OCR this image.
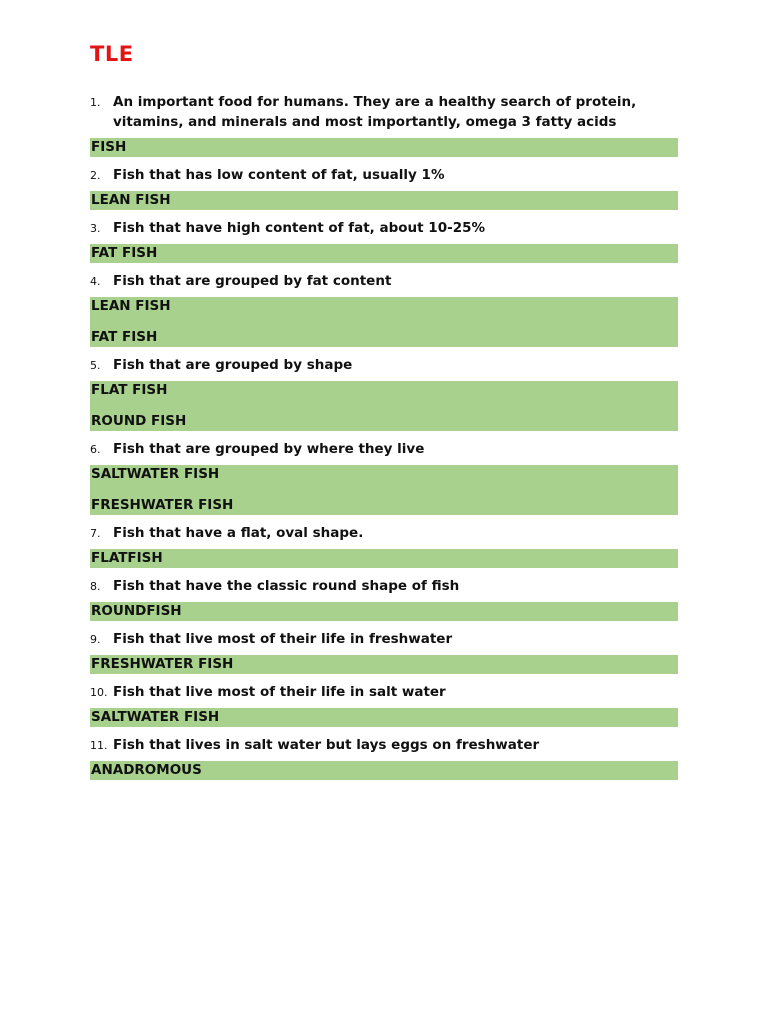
TLE
1. An important food for humans. They are a healthy search of protein, vitamins, and minerals and most importantly, omega 3 fatty acids
FISH
2. Fish that has low content of fat, usually 1%
LEAN FISH
3. Fish that have high content of fat, about 10-25%
FAT FISH
4. Fish that are grouped by fat content
LEAN FISH
FAT FISH
5. Fish that are grouped by shape
FLAT FISH
ROUND FISH
6. Fish that are grouped by where they live
SALTWATER FISH
FRESHWATER FISH
7. Fish that have a flat, oval shape.
FLATFISH
8. Fish that have the classic round shape of fish
ROUNDFISH
9. Fish that live most of their life in freshwater
FRESHWATER FISH
10. Fish that live most of their life in salt water
SALTWATER FISH
11. Fish that lives in salt water but lays eggs on freshwater
ANADROMOUS
